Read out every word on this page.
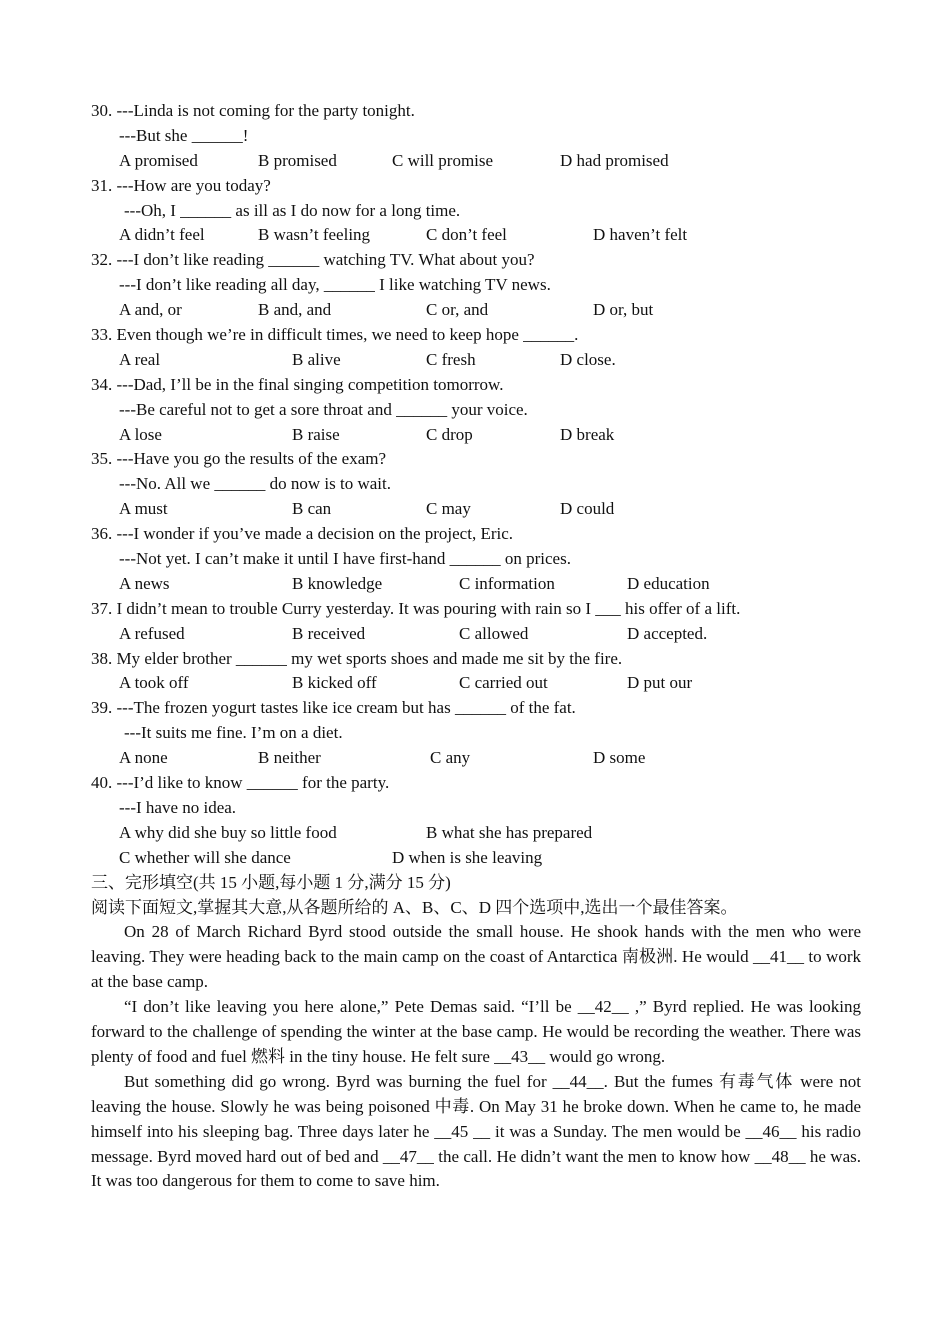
30. ---Linda is not coming for the party tonight.
---But she ______!
A promised	B promised	C will promise	D had promised
31. ---How are you today?
---Oh, I ______ as ill as I do now for a long time.
A didn’t feel	B wasn’t feeling	C don’t feel	D haven’t felt
32. ---I don’t like reading ______ watching TV. What about you?
---I don’t like reading all day, ______ I like watching TV news.
A and, or	B and, and	C or, and	D or, but
33. Even though we’re in difficult times, we need to keep hope ______.
A real	B alive	C fresh	D close.
34. ---Dad, I’ll be in the final singing competition tomorrow.
---Be careful not to get a sore throat and ______ your voice.
A lose	B raise	C drop	D break
35. ---Have you go the results of the exam?
---No. All we ______ do now is to wait.
A must	B can	C may	D could
36. ---I wonder if you’ve made a decision on the project, Eric.
---Not yet. I can’t make it until I have first-hand ______ on prices.
A news	B knowledge	C information	D education
37. I didn’t mean to trouble Curry yesterday. It was pouring with rain so I ___ his offer of a lift.
A refused	B received	C allowed	D accepted.
38. My elder brother ______ my wet sports shoes and made me sit by the fire.
A took off	B kicked off	C carried out	D put our
39. ---The frozen yogurt tastes like ice cream but has ______ of the fat.
---It suits me fine. I’m on a diet.
A none	B neither	C any	D some
40. ---I’d like to know ______ for the party.
---I have no idea.
A why did she buy so little food	B what she has prepared
C whether will she dance	D when is she leaving
三、完形填空(共 15 小题,每小题 1 分,满分 15 分)
阅读下面短文,掌握其大意,从各题所给的 A、B、C、D 四个选项中,选出一个最佳答案。

On 28 of March Richard Byrd stood outside the small house. He shook hands with the men who were leaving. They were heading back to the main camp on the coast of Antarctica 南极洲. He would __41__ to work at the base camp.

“I don’t like leaving you here alone,” Pete Demas said. “I’ll be __42__ ,” Byrd replied. He was looking forward to the challenge of spending the winter at the base camp. He would be recording the weather. There was plenty of food and fuel 燃料 in the tiny house. He felt sure __43__ would go wrong.

But something did go wrong. Byrd was burning the fuel for __44__. But the fumes 有毒气体 were not leaving the house. Slowly he was being poisoned 中毒. On May 31 he broke down. When he came to, he made himself into his sleeping bag. Three days later he __45 __ it was a Sunday. The men would be __46__ his radio message. Byrd moved hard out of bed and __47__ the call. He didn’t want the men to know how __48__ he was. It was too dangerous for them to come to save him.
